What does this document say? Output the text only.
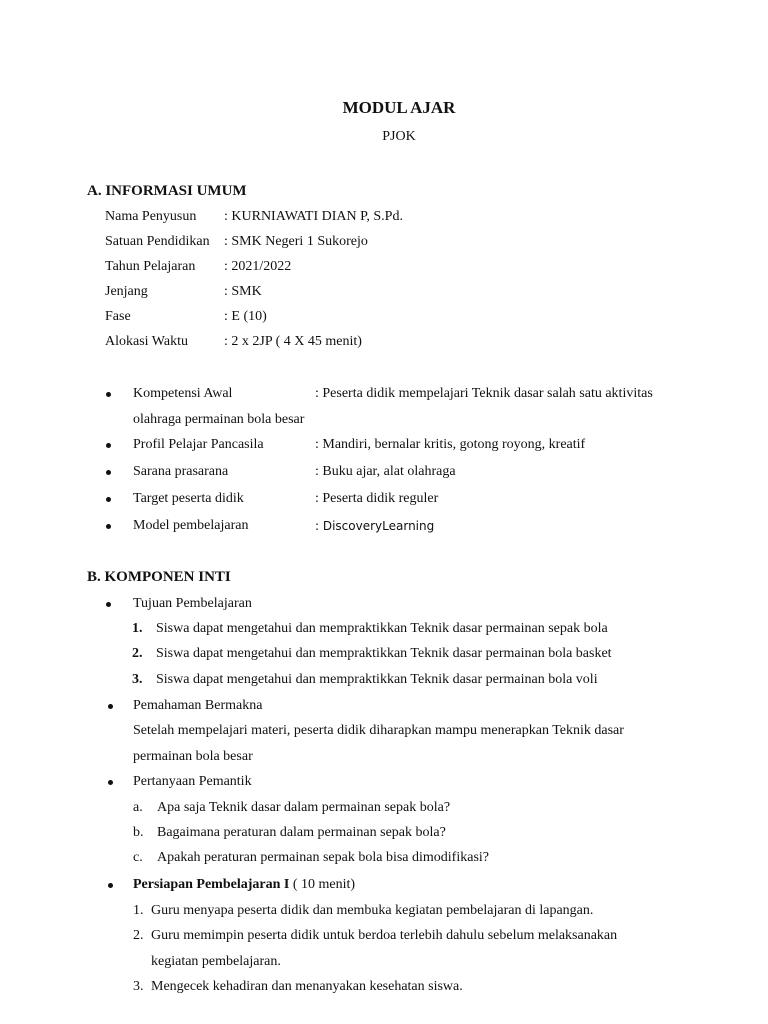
MODUL AJAR
PJOK
A. INFORMASI UMUM
Nama Penyusun : KURNIAWATI DIAN P, S.Pd.
Satuan Pendidikan : SMK Negeri 1 Sukorejo
Tahun Pelajaran : 2021/2022
Jenjang	: SMK
Fase	: E (10)
Alokasi Waktu	: 2 x 2JP ( 4 X 45 menit)
Kompetensi Awal	: Peserta didik mempelajari Teknik dasar salah satu aktivitas
olahraga permainan bola besar
Profil Pelajar Pancasila	: Mandiri, bernalar kritis, gotong royong, kreatif
Sarana prasarana	: Buku ajar, alat olahraga
Target peserta didik	: Peserta didik reguler
Model pembelajaran	: DiscoveryLearning
B. KOMPONEN INTI
Tujuan Pembelajaran
1. Siswa dapat mengetahui dan mempraktikkan Teknik dasar permainan sepak bola
2. Siswa dapat mengetahui dan mempraktikkan Teknik dasar permainan bola basket
3. Siswa dapat mengetahui dan mempraktikkan Teknik dasar permainan bola voli
Pemahaman Bermakna
Setelah mempelajari materi, peserta didik diharapkan mampu menerapkan Teknik dasar
permainan bola besar
Pertanyaan Pemantik
a. Apa saja Teknik dasar dalam permainan sepak bola?
b. Bagaimana peraturan dalam permainan sepak bola?
c. Apakah peraturan permainan sepak bola bisa dimodifikasi?
Persiapan Pembelajaran I ( 10 menit)
1. Guru menyapa peserta didik dan membuka kegiatan pembelajaran di lapangan.
2. Guru memimpin peserta didik untuk berdoa terlebih dahulu sebelum melaksanakan
kegiatan pembelajaran.
3. Mengecek kehadiran dan menanyakan kesehatan siswa.
